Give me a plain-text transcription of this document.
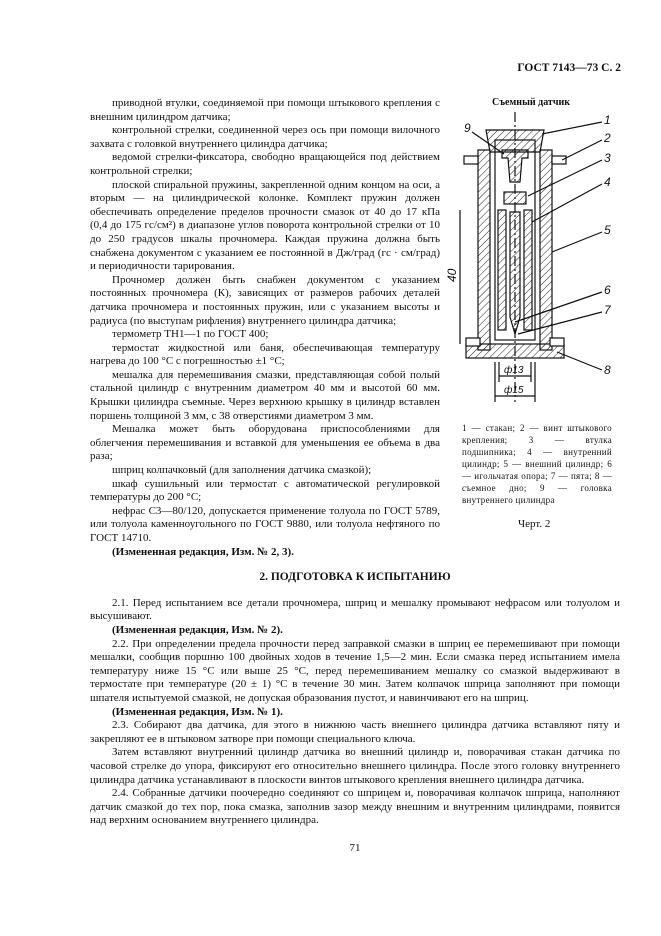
ГОСТ 7143—73 С. 2
Съемный датчик
1
2
3
4
5
6
7
8
9
40
ф13
ф15
1 — стакан; 2 — винт штыкового крепления; 3 — втулка подшипника; 4 — внутренний цилиндр; 5 — внешний цилиндр; 6 — игольчатая опора; 7 — пята; 8 — съемное дно; 9 — головка внутреннего цилиндра
Черт. 2

приводной втулки, соединяемой при помощи штыкового крепления с внешним цилиндром датчика;

контрольной стрелки, соединенной через ось при помощи вилочного захвата с головкой внутреннего цилиндра датчика;

ведомой стрелки-фиксатора, свободно вращающейся под действием контрольной стрелки;

плоской спиральной пружины, закрепленной одним концом на оси, а вторым — на цилиндрической колонке. Комплект пружин должен обеспечивать определение пределов прочности смазок от 40 до 17 кПа (0,4 до 175 гс/см²) в диапазоне углов поворота контрольной стрелки от 10 до 250 градусов шкалы прочномера. Каждая пружина должна быть снабжена документом с указанием ее постоянной в Дж/град (гс · см/град) и периодичности тарирования.

Прочномер должен быть снабжен документом с указанием постоянных прочномера (К), зависящих от размеров рабочих деталей датчика прочномера и постоянных пружин, или с указанием высоты и радиуса (по выступам рифления) внутреннего цилиндра датчика;

термометр ТН1—1 по ГОСТ 400;

термостат жидкостной или баня, обеспечивающая температуру нагрева до 100 °С с погрешностью ±1 °С;

мешалка для перемешивания смазки, представляющая собой полый стальной цилиндр с внутренним диаметром 40 мм и высотой 60 мм. Крышки цилиндра съемные. Через верхнюю крышку в цилиндр вставлен поршень толщиной 3 мм, с 38 отверстиями диаметром 3 мм.

Мешалка может быть оборудована приспособлениями для облегчения перемешивания и вставкой для уменьшения ее объема в два раза;

шприц колпачковый (для заполнения датчика смазкой);

шкаф сушильный или термостат с автоматической регулировкой температуры до 200 °С;

нефрас С3—80/120, допускается применение толуола по ГОСТ 5789, или толуола каменноугольного по ГОСТ 9880, или толуола нефтяного по ГОСТ 14710.

(Измененная редакция, Изм. № 2, 3).

2. ПОДГОТОВКА К ИСПЫТАНИЮ

2.1. Перед испытанием все детали прочномера, шприц и мешалку промывают нефрасом или толуолом и высушивают.

(Измененная редакция, Изм. № 2).

2.2. При определении предела прочности перед заправкой смазки в шприц ее перемешивают при помощи мешалки, сообщив поршню 100 двойных ходов в течение 1,5—2 мин. Если смазка перед испытанием имела температуру ниже 15 °С или выше 25 °С, перед перемешиванием мешалку со смазкой выдерживают в термостате при температуре (20 ± 1) °С в течение 30 мин. Затем колпачок шприца заполняют при помощи шпателя испытуемой смазкой, не допуская образования пустот, и навинчивают его на шприц.

(Измененная редакция, Изм. № 1).

2.3. Собирают два датчика, для этого в нижнюю часть внешнего цилиндра датчика вставляют пяту и закрепляют ее в штыковом затворе при помощи специального ключа.

Затем вставляют внутренний цилиндр датчика во внешний цилиндр и, поворачивая стакан датчика по часовой стрелке до упора, фиксируют его относительно внешнего цилиндра. После этого головку внутреннего цилиндра датчика устанавливают в плоскости винтов штыкового крепления внешнего цилиндра датчика.

2.4. Собранные датчики поочередно соединяют со шприцем и, поворачивая колпачок шприца, наполняют датчик смазкой до тех пор, пока смазка, заполнив зазор между внешним и внутренним цилиндрами, появится над верхним основанием внутреннего цилиндра.

71
